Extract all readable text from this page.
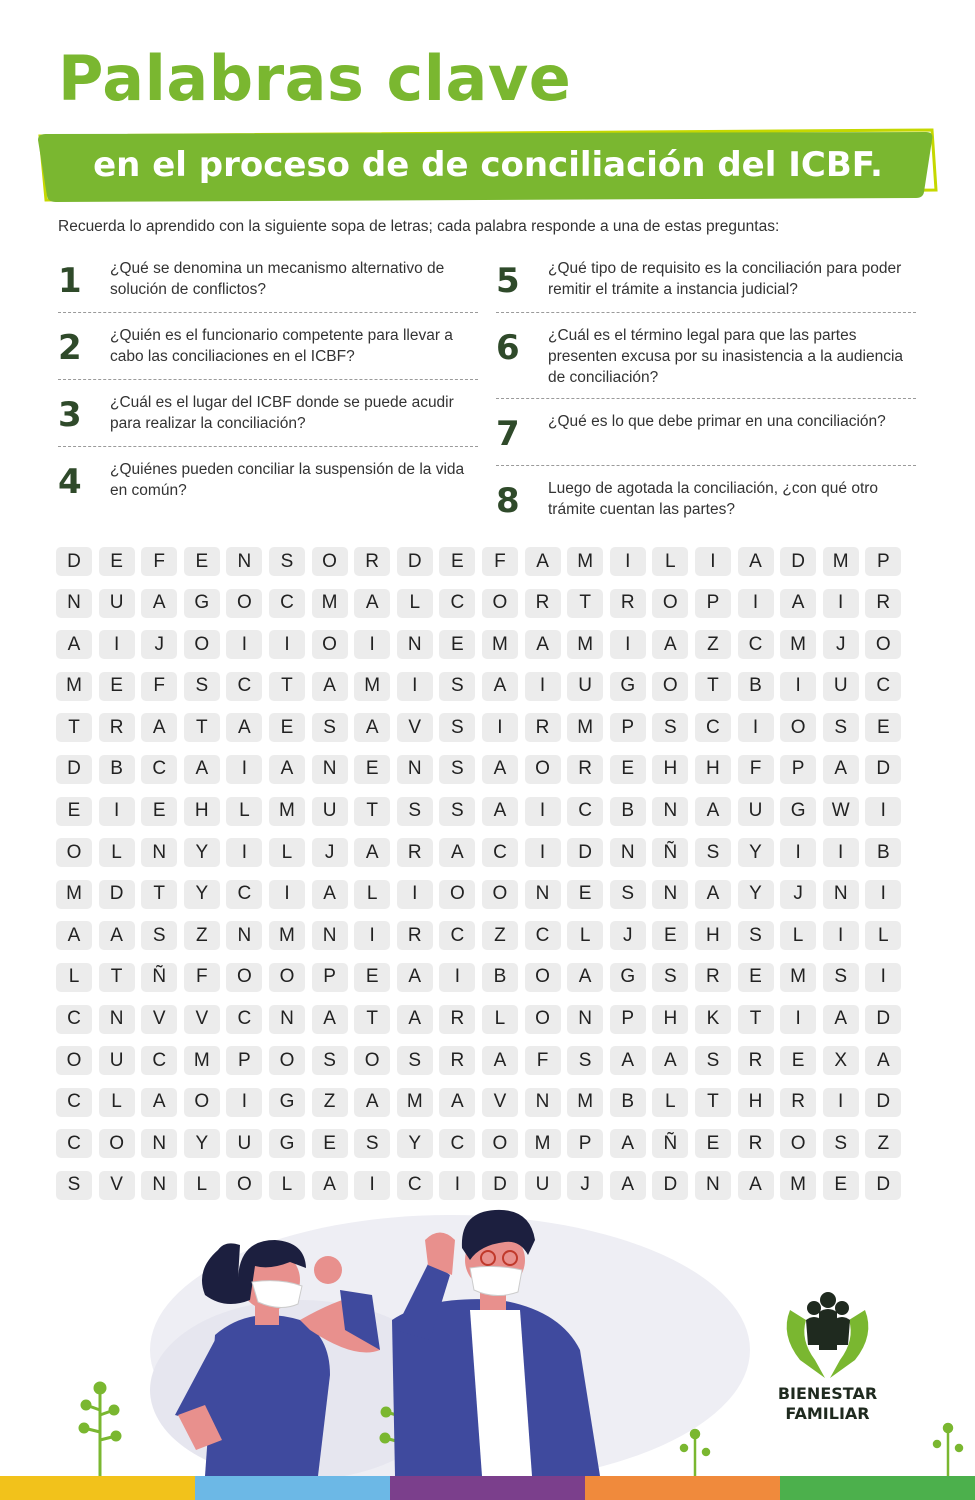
Palabras clave
en el proceso de de conciliación del ICBF.
Recuerda lo aprendido con la siguiente sopa de letras; cada palabra responde a una de estas preguntas:
1	¿Qué se denomina un mecanismo alternativo de solución de conflictos?
2	¿Quién es el funcionario competente para llevar a cabo las conciliaciones en el ICBF?
3	¿Cuál es el lugar del ICBF donde se puede acudir para realizar la conciliación?
4	¿Quiénes pueden conciliar la suspensión de la vida en común?
5	¿Qué tipo de requisito es la conciliación para poder remitir el trámite a instancia judicial?
6	¿Cuál es el término legal para que las partes presenten excusa por su inasistencia a la audiencia de conciliación?
7	¿Qué es lo que debe primar en una conciliación?
8	Luego de agotada la conciliación, ¿con qué otro trámite cuentan las partes?
D	E	F	E	N	S	O	R	D	E	F	A	M	I	L	I	A	D	M	P
N	U	A	G	O	C	M	A	L	C	O	R	T	R	O	P	I	A	I	R
A	I	J	O	I	I	O	I	N	E	M	A	M	I	A	Z	C	M	J	O
M	E	F	S	C	T	A	M	I	S	A	I	U	G	O	T	B	I	U	C
T	R	A	T	A	E	S	A	V	S	I	R	M	P	S	C	I	O	S	E
D	B	C	A	I	A	N	E	N	S	A	O	R	E	H	H	F	P	A	D
E	I	E	H	L	M	U	T	S	S	A	I	C	B	N	A	U	G	W	I
O	L	N	Y	I	L	J	A	R	A	C	I	D	N	Ñ	S	Y	I	I	B
M	D	T	Y	C	I	A	L	I	O	O	N	E	S	N	A	Y	J	N	I
A	A	S	Z	N	M	N	I	R	C	Z	C	L	J	E	H	S	L	I	L
L	T	Ñ	F	O	O	P	E	A	I	B	O	A	G	S	R	E	M	S	I
C	N	V	V	C	N	A	T	A	R	L	O	N	P	H	K	T	I	A	D
O	U	C	M	P	O	S	O	S	R	A	F	S	A	A	S	R	E	X	A
C	L	A	O	I	G	Z	A	M	A	V	N	M	B	L	T	H	R	I	D
C	O	N	Y	U	G	E	S	Y	C	O	M	P	A	Ñ	E	R	O	S	Z
S	V	N	L	O	L	A	I	C	I	D	U	J	A	D	N	A	M	E	D
BIENESTAR
FAMILIAR
